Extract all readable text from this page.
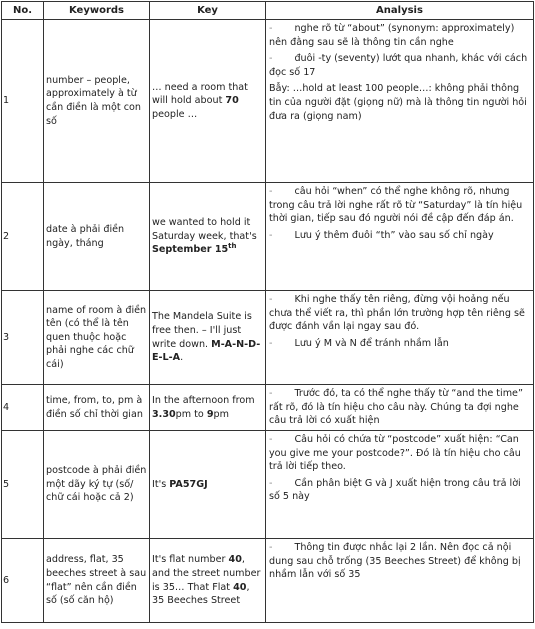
No.	Keywords	Key	Analysis
1	number – people, approximately à từ cần điền là một con số	… need a room that will hold about 70 people …	- nghe rõ từ “about” (synonym: approximately) nên đằng sau sẽ là thông tin cần nghe
- đuôi -ty (seventy) lướt qua nhanh, khác với cách đọc số 17
Bẫy: …hold at least 100 people…: không phải thông tin của người đặt (giọng nữ) mà là thông tin người hỏi đưa ra (giọng nam)

2	date à phải điền ngày, tháng	we wanted to hold it Saturday week, that's September 15th	- câu hỏi “when” có thể nghe không rõ, nhưng trong câu trả lời nghe rất rõ từ “Saturday” là tín hiệu thời gian, tiếp sau đó người nói đề cập đến đáp án.
- Lưu ý thêm đuôi “th” vào sau số chỉ ngày

3	name of room à điền tên (có thể là tên quen thuộc hoặc phải nghe các chữ cái)	The Mandela Suite is free then. – I'll just write down. M-A-N-D-E-L-A.	- Khi nghe thấy tên riêng, đừng vội hoảng nếu chưa thể viết ra, thì phần lớn trường hợp tên riêng sẽ được đánh vần lại ngay sau đó.
- Lưu ý M và N để tránh nhầm lẫn

4	time, from, to, pm à điền số chỉ thời gian	In the afternoon from 3.30pm to 9pm	- Trước đó, ta có thể nghe thấy từ “and the time” rất rõ, đó là tín hiệu cho câu này. Chúng ta đợi nghe câu trả lời có xuất hiện

5	postcode à phải điền một dãy ký tự (số/ chữ cái hoặc cả 2)	It's PA57GJ	- Câu hỏi có chứa từ “postcode” xuất hiện: “Can you give me your postcode?”. Đó là tín hiệu cho câu trả lời tiếp theo.
- Cần phân biệt G và J xuất hiện trong câu trả lời số 5 này

6	address, flat, 35 beeches street à sau “flat” nên cần điền số (số căn hộ)	It's flat number 40, and the street number is 35… That Flat 40, 35 Beeches Street	- Thông tin được nhắc lại 2 lần. Nên đọc cả nội dung sau chỗ trống (35 Beeches Street) để không bị nhầm lẫn với số 35
